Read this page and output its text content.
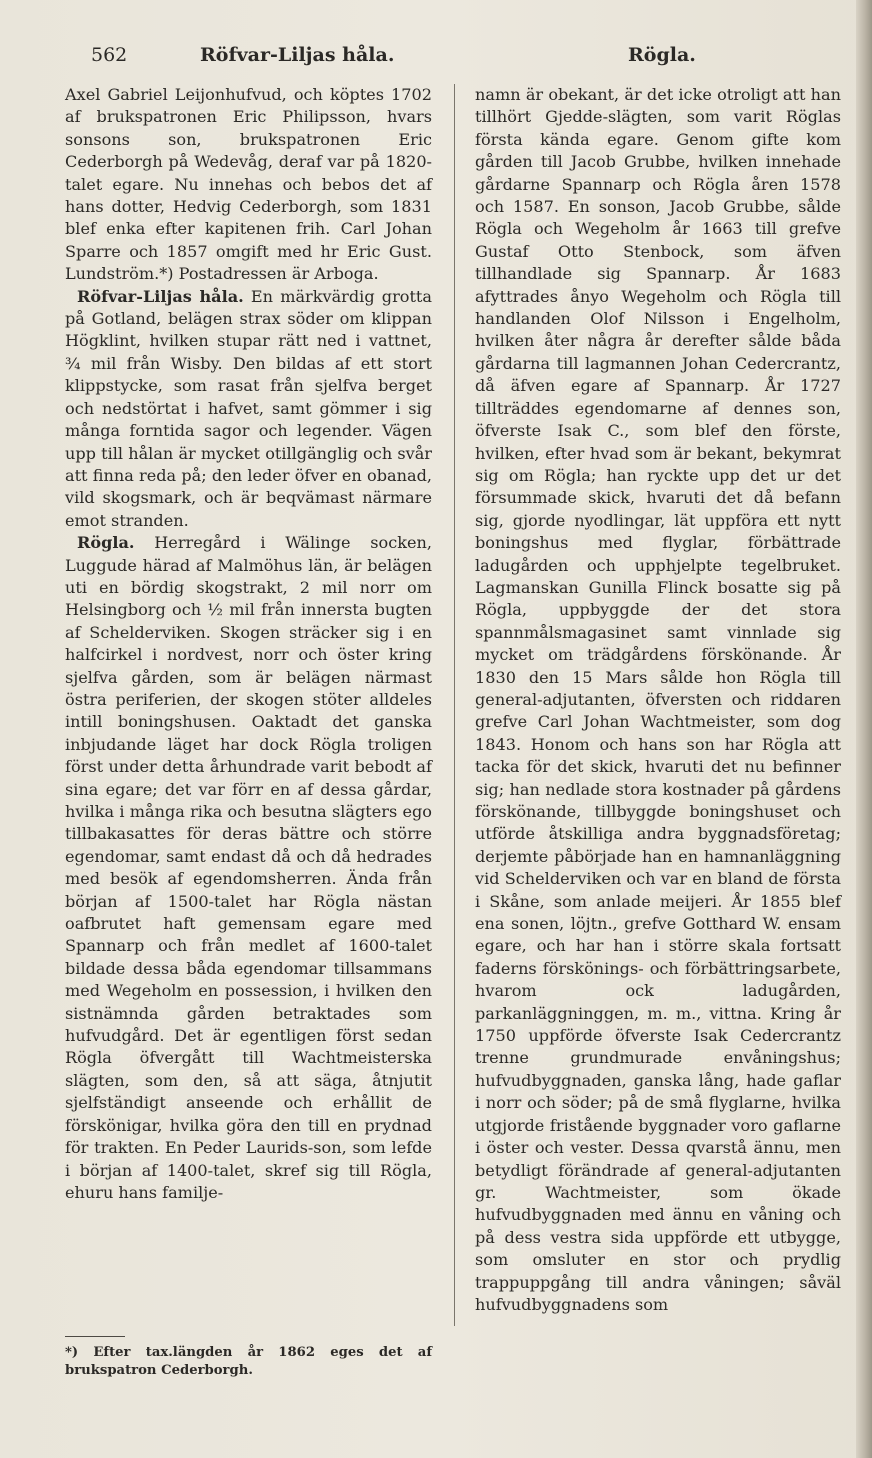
562	Röfvar-Liljas håla.	Rögla.

Axel Gabriel Leijonhufvud, och köptes 1702 af brukspatronen Eric Philipsson, hvars sonsons son, brukspatronen Eric Cederborgh på Wedevåg, deraf var på 1820-talet egare. Nu innehas och bebos det af hans dotter, Hedvig Cederborgh, som 1831 blef enka efter kapitenen frih. Carl Johan Sparre och 1857 omgift med hr Eric Gust. Lundström.*) Postadressen är Arboga.

Röfvar-Liljas håla. En märkvärdig grotta på Gotland, belägen strax söder om klippan Högklint, hvilken stupar rätt ned i vattnet, ¾ mil från Wisby. Den bildas af ett stort klippstycke, som rasat från sjelfva berget och nedstörtat i hafvet, samt gömmer i sig många forntida sagor och legender. Vägen upp till hålan är mycket otillgänglig och svår att finna reda på; den leder öfver en obanad, vild skogsmark, och är beqvämast närmare emot stranden.

Rögla. Herregård i Wälinge socken, Luggude härad af Malmöhus län, är belägen uti en bördig skogstrakt, 2 mil norr om Helsingborg och ½ mil från innersta bugten af Schelderviken. Skogen sträcker sig i en halfcirkel i nordvest, norr och öster kring sjelfva gården, som är belägen närmast östra periferien, der skogen stöter alldeles intill boningshusen. Oaktadt det ganska inbjudande läget har dock Rögla troligen först under detta århundrade varit bebodt af sina egare; det var förr en af dessa gårdar, hvilka i många rika och besutna slägters ego tillbakasattes för deras bättre och större egendomar, samt endast då och då hedrades med besök af egendomsherren. Ända från början af 1500-talet har Rögla nästan oafbrutet haft gemensam egare med Spannarp och från medlet af 1600-talet bildade dessa båda egendomar tillsammans med Wegeholm en possession, i hvilken den sistnämnda gården betraktades som hufvudgård. Det är egentligen först sedan Rögla öfvergått till Wachtmeisterska slägten, som den, så att säga, åtnjutit sjelfständigt anseende och erhållit de förskönigar, hvilka göra den till en prydnad för trakten. En Peder Laurids-son, som lefde i början af 1400-talet, skref sig till Rögla, ehuru hans familje-

namn är obekant, är det icke otroligt att han tillhört Gjedde-slägten, som varit Röglas första kända egare. Genom gifte kom gården till Jacob Grubbe, hvilken innehade gårdarne Spannarp och Rögla åren 1578 och 1587. En sonson, Jacob Grubbe, sålde Rögla och Wegeholm år 1663 till grefve Gustaf Otto Stenbock, som äfven tillhandlade sig Spannarp. År 1683 afyttrades ånyo Wegeholm och Rögla till handlanden Olof Nilsson i Engelholm, hvilken åter några år derefter sålde båda gårdarna till lagmannen Johan Cedercrantz, då äfven egare af Spannarp. År 1727 tillträddes egendomarne af dennes son, öfverste Isak C., som blef den förste, hvilken, efter hvad som är bekant, bekymrat sig om Rögla; han ryckte upp det ur det försummade skick, hvaruti det då befann sig, gjorde nyodlingar, lät uppföra ett nytt boningshus med flyglar, förbättrade ladugården och upphjelpte tegelbruket. Lagmanskan Gunilla Flinck bosatte sig på Rögla, uppbyggde der det stora spannmålsmagasinet samt vinnlade sig mycket om trädgårdens förskönande. År 1830 den 15 Mars sålde hon Rögla till general-adjutanten, öfversten och riddaren grefve Carl Johan Wachtmeister, som dog 1843. Honom och hans son har Rögla att tacka för det skick, hvaruti det nu befinner sig; han nedlade stora kostnader på gårdens förskönande, tillbyggde boningshuset och utförde åtskilliga andra byggnadsföretag; derjemte påbörjade han en hamnanläggning vid Schelderviken och var en bland de första i Skåne, som anlade meijeri. År 1855 blef ena sonen, löjtn., grefve Gotthard W. ensam egare, och har han i större skala fortsatt faderns förskönings- och förbättringsarbete, hvarom ock ladugården, parkanläggninggen, m. m., vittna. Kring år 1750 uppförde öfverste Isak Cedercrantz trenne grundmurade envåningshus; hufvudbyggnaden, ganska lång, hade gaflar i norr och söder; på de små flyglarne, hvilka utgjorde fristående byggnader voro gaflarne i öster och vester. Dessa qvarstå ännu, men betydligt förändrade af general-adjutanten gr. Wachtmeister, som ökade hufvudbyggnaden med ännu en våning och på dess vestra sida uppförde ett utbygge, som omsluter en stor och prydlig trappuppgång till andra våningen; såväl hufvudbyggnadens som

*) Efter tax.längden år 1862 eges det af brukspatron Cederborgh.
